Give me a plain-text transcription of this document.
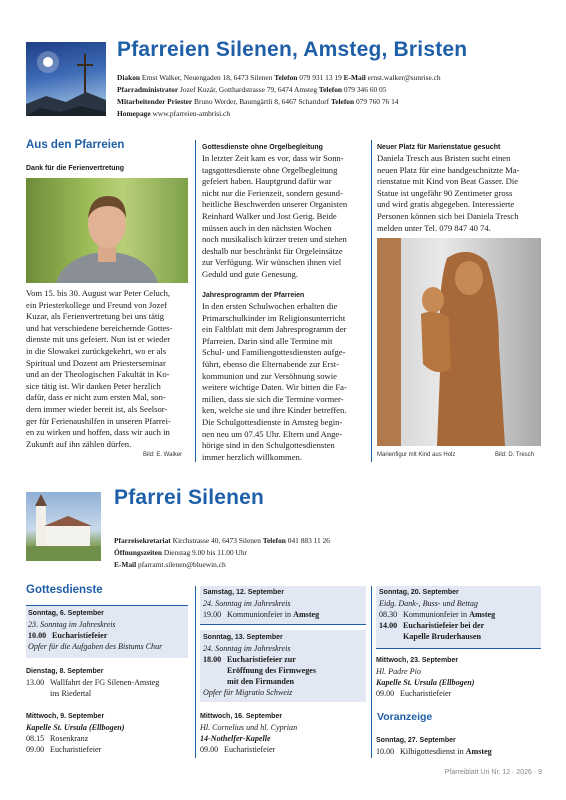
Pfarreien Silenen, Amsteg, Bristen
Diakon Ernst Walker, Neuengaden 18, 6473 Silenen Telefon 079 931 13 19 E-Mail ernst.walker@sunrise.ch
Pfarradministrator Jozef Kuzár, Gotthardstrasse 79, 6474 Amsteg Telefon 079 346 60 05
Mitarbeitender Priester Bruno Werder, Baumgärtli 8, 6467 Schattdorf Telefon 079 760 76 14
Homepage www.pfarreien-ambrisi.ch
Aus den Pfarreien
Dank für die Ferienvertretung
Vom 15. bis 30. August war Peter Celuch,
ein Priesterkollege und Freund von Jozef
Kuzar, als Ferienvertretung bei uns tätig
und hat verschiedene bereichernde Gottes-
dienste mit uns gefeiert. Nun ist er wieder
in die Slowakei zurückgekehrt, wo er als
Spiritual und Dozent am Priesterseminar
und an der Theologischen Fakultät in Ko-
sice tätig ist. Wir danken Peter herzlich
dafür, dass er nicht zum ersten Mal, son-
dern immer wieder bereit ist, als Seelsor-
ger für Ferienaushilfen in unseren Pfarrei-
en zu wirken und hoffen, dass wir auch in
Zukunft auf ihn zählen dürfen.
Bild: E. Walker
Gottesdienste ohne Orgelbegleitung
In letzter Zeit kam es vor, dass wir Sonn-
tagsgottesdienste ohne Orgelbegleitung
gefeiert haben. Hauptgrund dafür war
nicht nur die Ferienzeit, sondern gesund-
heitliche Beschwerden unserer Organisten
Reinhard Walker und Jost Gerig. Beide
müssen auch in den nächsten Wochen
noch musikalisch kürzer treten und stehen
deshalb nur beschränkt für Orgeleinsätze
zur Verfügung. Wir wünschen ihnen viel
Geduld und gute Genesung.
Jahresprogramm der Pfarreien
In den ersten Schulwochen erhalten die
Primarschulkinder im Religionsunterricht
ein Faltblatt mit dem Jahresprogramm der
Pfarreien. Darin sind alle Termine mit
Schul- und Familiengottesdiensten aufge-
führt, ebenso die Elternabende zur Erst-
kommunion und zur Versöhnung sowie
weitere wichtige Daten. Wir bitten die Fa-
milien, dass sie sich die Termine vormer-
ken, welche sie und ihre Kinder betreffen.
Die Schulgottesdienste in Amsteg begin-
nen neu um 07.45 Uhr. Eltern und Ange-
hörige sind in den Schulgottesdiensten
immer herzlich willkommen.
Neuer Platz für Marienstatue gesucht
Daniela Tresch aus Bristen sucht einen
neuen Platz für eine handgeschnitzte Ma-
rienstatue mit Kind von Beat Gasser. Die
Statue ist ungefähr 90 Zentimeter gross
und wird gratis abgegeben. Interessierte
Personen können sich bei Daniela Tresch
melden unter Tel. 079 847 40 74.
Marienfigur mit Kind aus Holz	Bild: D. Tresch
Pfarrei Silenen
Pfarreisekretariat Kirchstrasse 40, 6473 Silenen Telefon 041 883 11 26
Öffnungszeiten Dienstag 9.00 bis 11.00 Uhr
E-Mail pfarramt.silenen@bluewin.ch
Gottesdienste
Sonntag, 6. September
23. Sonntag im Jahreskreis
10.00 Eucharistiefeier
Opfer für die Aufgaben des Bistums Chur
Dienstag, 8. September
13.00 Wallfahrt der FG Silenen-Amsteg
ins Riedertal
Mittwoch, 9. September
Kapelle St. Ursula (Ellbogen)
08.15 Rosenkranz
09.00 Eucharistiefeier
Samstag, 12. September
24. Sonntag im Jahreskreis
19.00 Kommunionfeier in Amsteg
Sonntag, 13. September
24. Sonntag im Jahreskreis
18.00 Eucharistiefeier zur
Eröffnung des Firmweges
mit den Firmanden
Opfer für Migratio Schweiz
Mittwoch, 16. September
Hl. Cornelius und hl. Cyprian
14-Nothelfer-Kapelle
09.00 Eucharistiefeier
Sonntag, 20. September
Eidg. Dank-, Buss- und Bettag
08.30 Kommunionfeier in Amsteg
14.00 Eucharistiefeier bei der
Kapelle Bruderhausen
Mittwoch, 23. September
Hl. Padre Pio
Kapelle St. Ursula (Ellbogen)
09.00 Eucharistiefeier
Voranzeige
Sonntag, 27. September
10.00 Kilbigottesdienst in Amsteg
Pfarreiblatt Uri Nr. 12 · 2026 · 9
